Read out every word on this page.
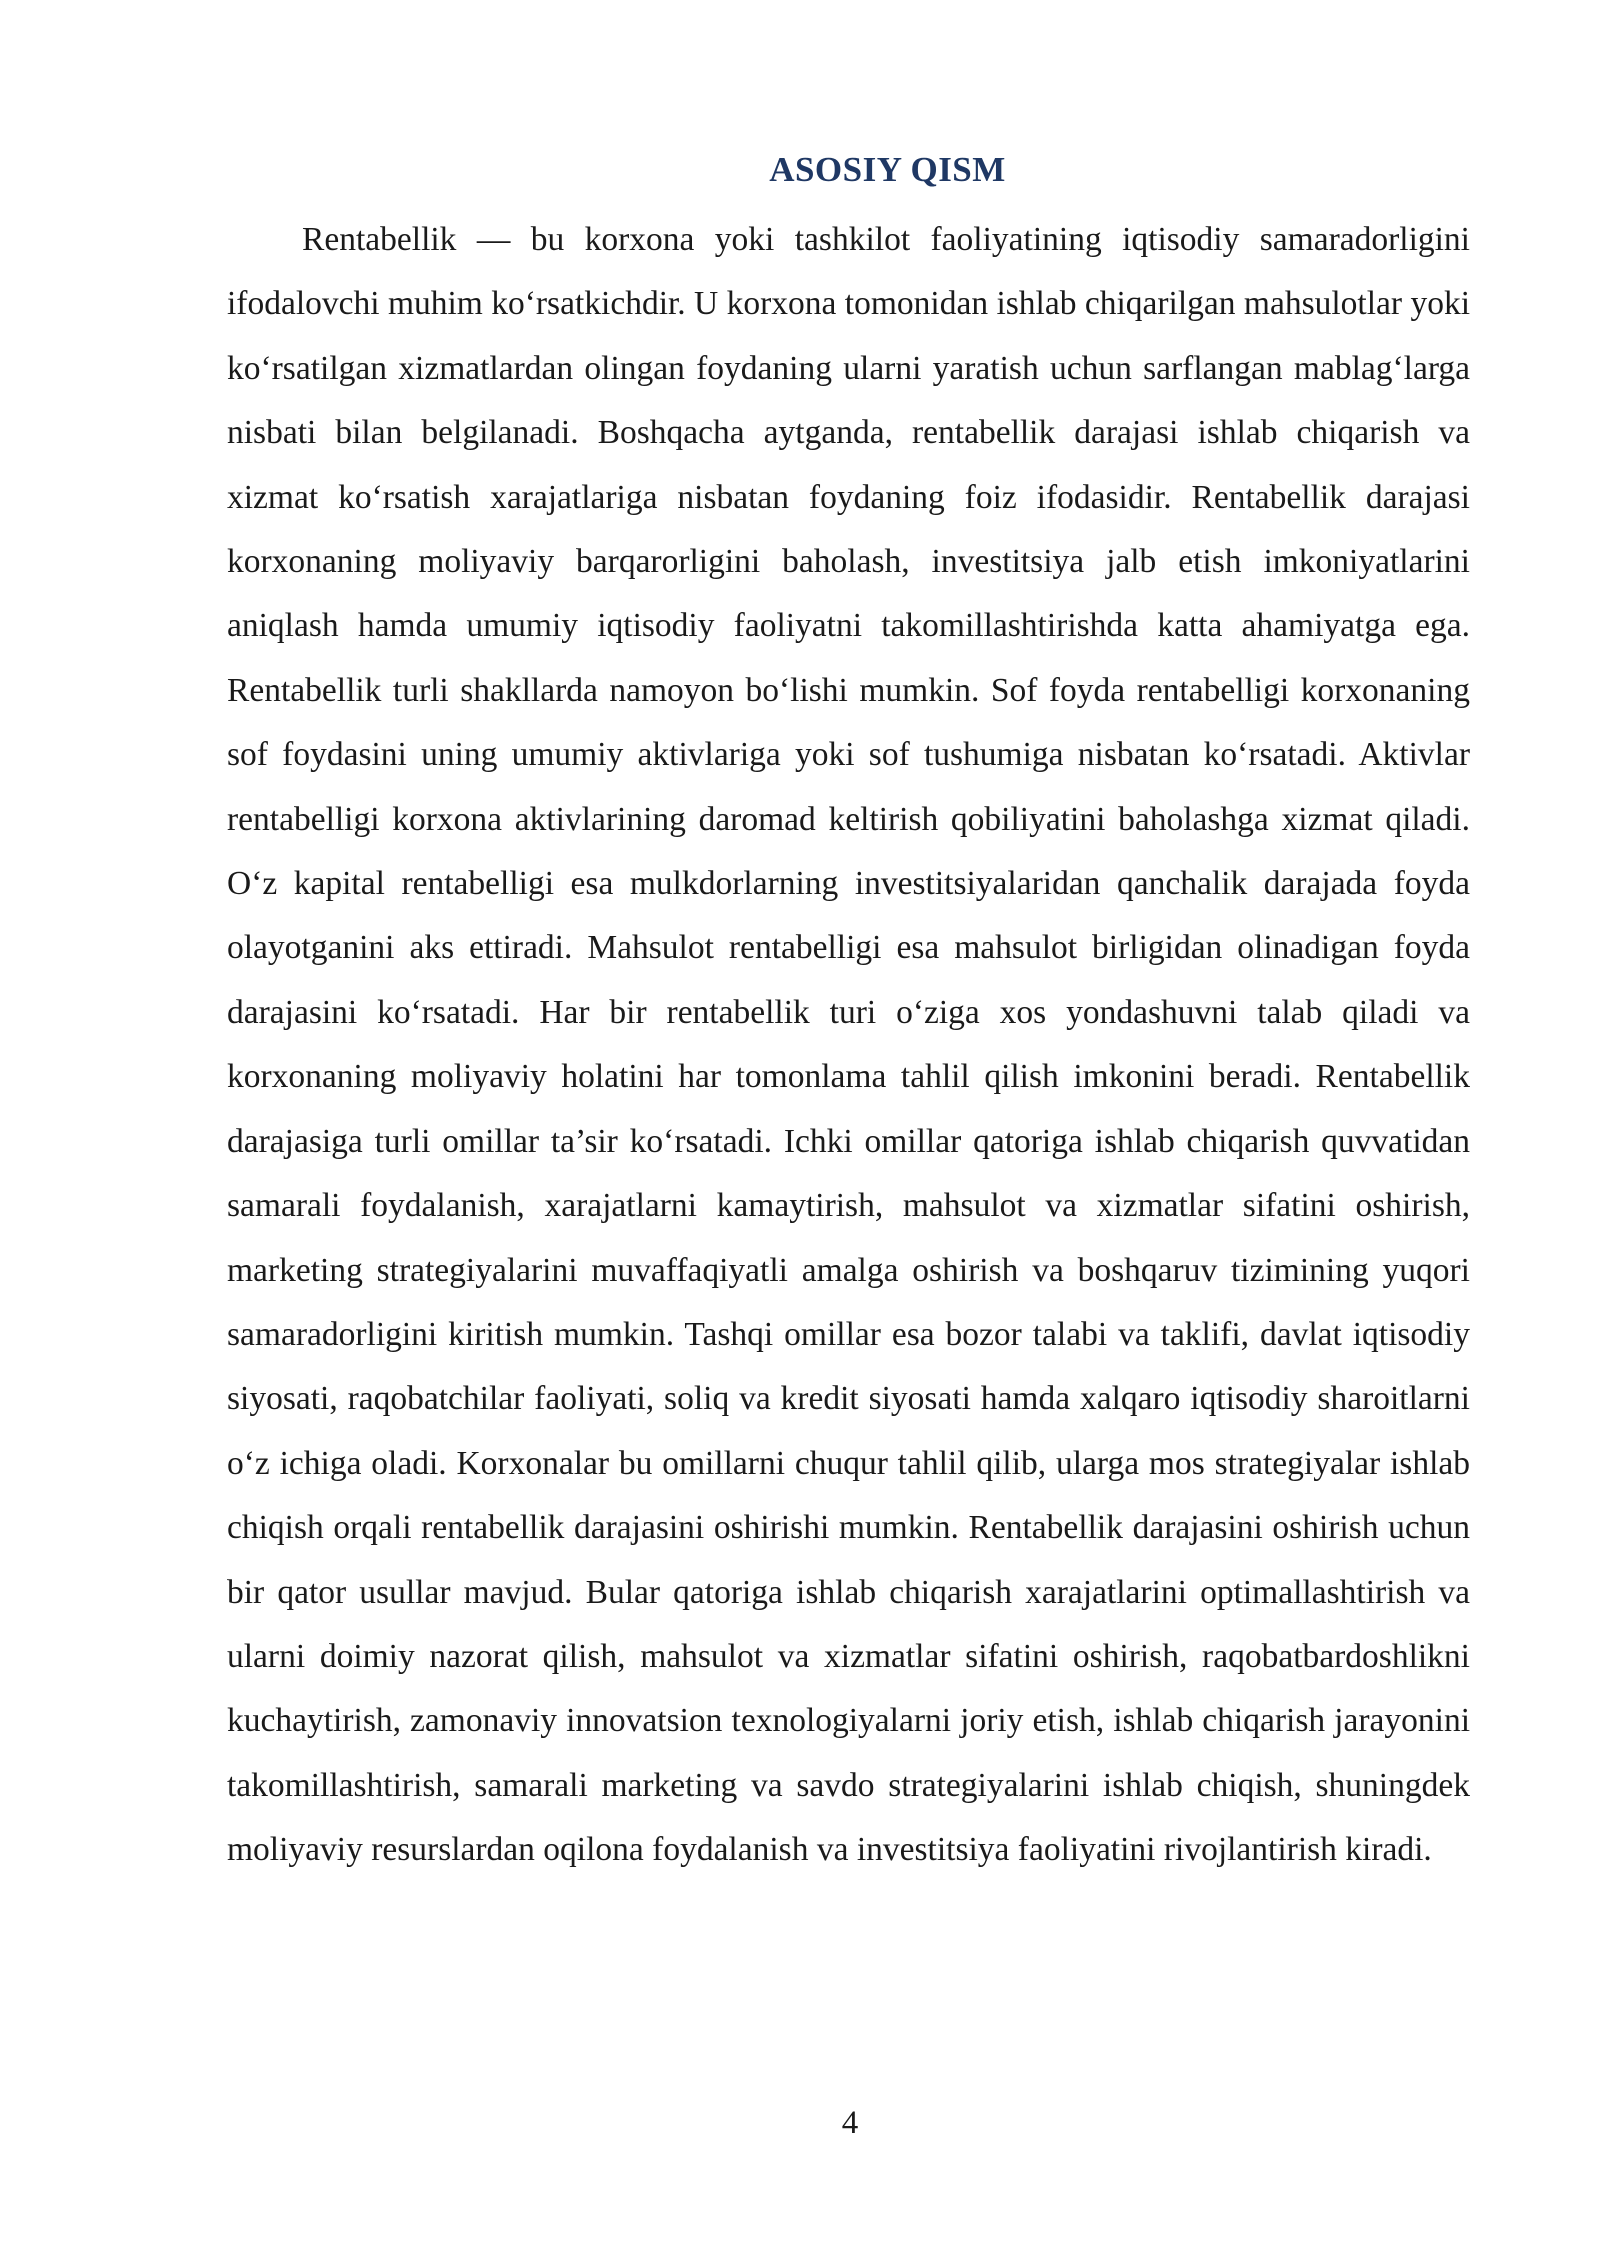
ASOSIY QISM

Rentabellik — bu korxona yoki tashkilot faoliyatining iqtisodiy samaradorligini ifodalovchi muhim ko‘rsatkichdir. U korxona tomonidan ishlab chiqarilgan mahsulotlar yoki ko‘rsatilgan xizmatlardan olingan foydaning ularni yaratish uchun sarflangan mablag‘larga nisbati bilan belgilanadi. Boshqacha aytganda, rentabellik darajasi ishlab chiqarish va xizmat ko‘rsatish xarajatlariga nisbatan foydaning foiz ifodasidir. Rentabellik darajasi korxonaning moliyaviy barqarorligini baholash, investitsiya jalb etish imkoniyatlarini aniqlash hamda umumiy iqtisodiy faoliyatni takomillashtirishda katta ahamiyatga ega. Rentabellik turli shakllarda namoyon bo‘lishi mumkin. Sof foyda rentabelligi korxonaning sof foydasini uning umumiy aktivlariga yoki sof tushumiga nisbatan ko‘rsatadi. Aktivlar rentabelligi korxona aktivlarining daromad keltirish qobiliyatini baholashga xizmat qiladi. O‘z kapital rentabelligi esa mulkdorlarning investitsiyalaridan qanchalik darajada foyda olayotganini aks ettiradi. Mahsulot rentabelligi esa mahsulot birligidan olinadigan foyda darajasini ko‘rsatadi. Har bir rentabellik turi o‘ziga xos yondashuvni talab qiladi va korxonaning moliyaviy holatini har tomonlama tahlil qilish imkonini beradi. Rentabellik darajasiga turli omillar ta’sir ko‘rsatadi. Ichki omillar qatoriga ishlab chiqarish quvvatidan samarali foydalanish, xarajatlarni kamaytirish, mahsulot va xizmatlar sifatini oshirish, marketing strategiyalarini muvaffaqiyatli amalga oshirish va boshqaruv tizimining yuqori samaradorligini kiritish mumkin. Tashqi omillar esa bozor talabi va taklifi, davlat iqtisodiy siyosati, raqobatchilar faoliyati, soliq va kredit siyosati hamda xalqaro iqtisodiy sharoitlarni o‘z ichiga oladi. Korxonalar bu omillarni chuqur tahlil qilib, ularga mos strategiyalar ishlab chiqish orqali rentabellik darajasini oshirishi mumkin. Rentabellik darajasini oshirish uchun bir qator usullar mavjud. Bular qatoriga ishlab chiqarish xarajatlarini optimallashtirish va ularni doimiy nazorat qilish, mahsulot va xizmatlar sifatini oshirish, raqobatbardoshlikni kuchaytirish, zamonaviy innovatsion texnologiyalarni joriy etish, ishlab chiqarish jarayonini takomillashtirish, samarali marketing va savdo strategiyalarini ishlab chiqish, shuningdek moliyaviy resurslardan oqilona foydalanish va investitsiya faoliyatini rivojlantirish kiradi.

4
